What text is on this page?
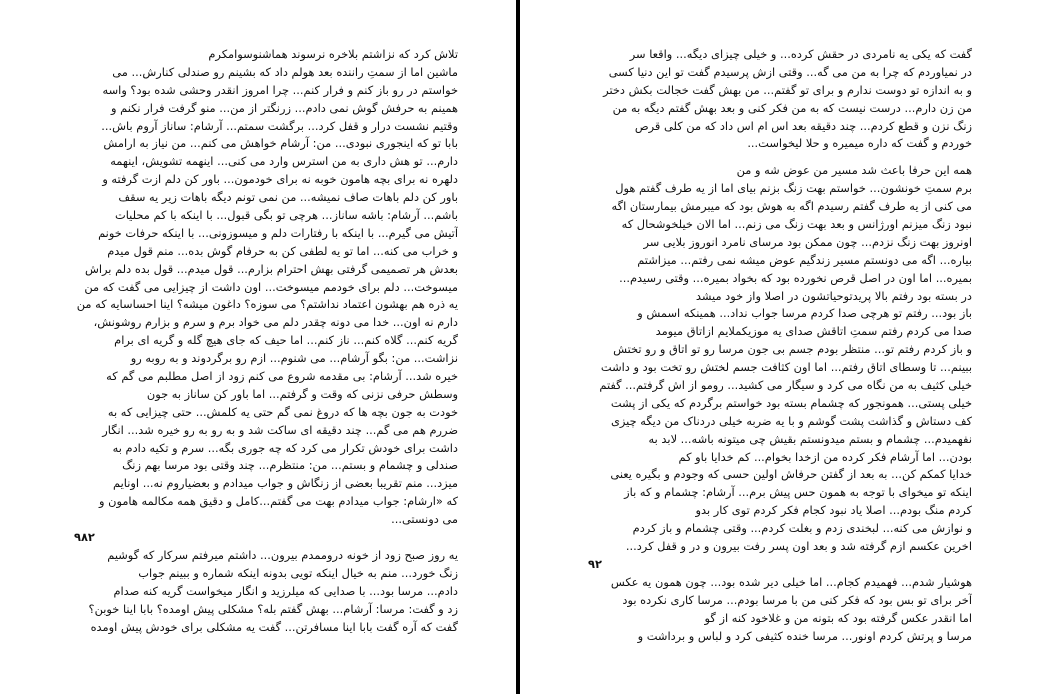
تلاش کرد که نزاشتم بلاخره نرسوند هماشنوسوامکرم
ماشین اما از سمتِ راننده بعد هولم داد که بشینم رو صندلی کنارش... می
خواستم در رو باز کنم و فرار کنم... چرا امروز انقدر وحشی شده بود؟ واسه
همینم به حرفش گوش نمی دادم... زرنگتر از من... منو گرفت فرار نکنم و
وقتیم نشست درار و قفل کرد... برگشت سمتم... آرشام: ساناز آروم باش...
بابا تو که اینجوری نبودی... من: آرشام خواهش می کنم... من نیاز به ارامش
دارم... تو هش داری به من استرس وارد می کنی... اینهمه تشویش، اینهمه
دلهره نه برای بچه هامون خوبه نه برای خودمون... باور کن دلم ازت گرفته و
باور کن دلم باهات صاف نمیشه... من نمی تونم دیگه باهات زیر یه سقف
باشم... آرشام: باشه ساناز... هرچی تو بگی قبول... با اینکه با کم محلیات
آتیش می گیرم... با اینکه با رفتارات دلم و میسوزونی... با اینکه حرفات خونم
و خراب می کنه... اما تو یه لطفی کن به حرفام گوش بده... منم قول میدم
بعدش هر تصمیمی گرفتی بهش احترام بزارم... قول میدم... قول بده دلم براش
میسوخت... دلم برای خودمم میسوخت... اون داشت از چیزایی می گفت که من
یه ذره هم بهشون اعتماد نداشتم؟ می سوزه؟ داغون میشه؟ اینا احساسایه که من
دارم نه اون... خدا می دونه چقدر دلم می خواد برم و سرم و بزارم روشونش،
گریه کنم... گلاه کنم... ناز کنم... اما حیف که جای هیچ گله و گریه ای برام
نزاشت... من: بگو آرشام... می شنوم... ازم رو برگردوند و به روبه رو
خیره شد... آرشام: بی مقدمه شروع می کنم زود از اصل مطلبم می گم که
وسطش حرفی نزنی که وقت و گرفتم... اما باور کن ساناز به جون
خودت به جون بچه ها که دروغ نمی گم حتی یه کلمش... حتی چیزایی که به
ضررم هم می گم... چند دقیقه ای ساکت شد و به رو به رو خیره شد... انگار
داشت برای خودش تکرار می کرد که چه جوری بگه... سرم و تکیه دادم به
صندلی و چشمام و بستم... من: منتظرم... چند وقتی بود مرسا بهم زنگ
میزد... منم تقریبا بعضی از زنگاش و جواب میدادم و بعضیاروم نه... اونایم
که «ارشام: جواب میدادم بهت می گفتم...کامل و دقیق همه مکالمه هامون و
می دونستی...
۹۸۲
یه روز صبح زود از خونه دروممدم بیرون... داشتم میرفتم سرکار که گوشیم
زنگ خورد... منم به خیال اینکه تویی بدونه اینکه شماره و ببینم جواب
دادم... مرسا بود... با صدایی که میلرزید و انگار میخواست گریه کنه صدام
زد و گفت: مرسا: آرشام... بهش گفتم بله؟ مشکلی پیش اومده؟ بابا اینا خوبن؟
گفت که آره گفت بابا اینا مسافرتن... گفت یه مشکلی برای خودش پیش اومده
گفت که یکی یه نامردی در حقش کرده... و خیلی چیزای دیگه... واقعا سر
در نمیاوردم که چرا به من می گه... وقتی ازش پرسیدم گفت تو این دنیا کسی
و به اندازه تو دوست ندارم و برای تو گفتم... من بهش گفت خجالت بکش دختر
من زن دارم... درست نیست که به من فکر کنی و بعد بهش گفتم دیگه به من
زنگ نزن و قطع کردم... چند دقیقه بعد اس ام اس داد که من کلی قرص
خوردم و گفت که داره میمیره و حلا لیخواست...
همه این حرفا باعث شد مسیر من عوض شه و من
برم سمتِ خونشون... خواستم بهت زنگ بزنم بیای اما از یه طرف گفتم هول
می کنی از یه طرف گفتم رسیدم اگه به هوش بود که میبرمش بیمارستان اگه
نبود زنگ میزنم اورژانس و بعد بهت زنگ می زنم... اما الان خیلخوشحال که
اونروز بهت زنگ نزدم... چون ممکن بود مرسای نامرد انوروز بلایی سر
بیاره... اگه می دونستم مسیر زندگیم عوض میشه نمی رفتم... میزاشتم
بمیره... اما اون در اصل قرص نخورده بود که بخواد بمیره... وقتی رسیدم...
در بسته بود رفتم بالا پریدتوحیاتشون در اصلا واز خود میشد
باز بود... رفتم تو هرچی صدا کردم مرسا جواب نداد... همینکه اسمش و
صدا می کردم رفتم سمتِ اتاقش صدای یه موزیکملایم ازاتاق میومد
و باز کردم رفتم تو... منتظر بودم جسم بی جون مرسا رو تو اتاق و رو تختش
ببینم... تا وسطای اتاق رفتم... اما اون کثافت جسم لختش رو تخت بود و داشت
خیلی کثیف به من نگاه می کرد و سیگار می کشید... رومو از اش گرفتم... گفتم
خیلی پستی... همونجور که چشمام بسته بود خواستم برگردم که یکی از پشت
کف دستاش و گذاشت پشت گوشم و با یه ضربه خیلی دردناک من دیگه چیزی
نفهمیدم... چشمام و بستم میدونستم بقیش چی میتونه باشه... لابد به
بودن... اما آرشام فکر کرده من ازخدا بخوام... کم خدایا باو کم
خدایا کمکم کن... به بعد از گفتن حرفاش اولین حسی که وجودم و بگیره یعنی
اینکه تو میخوای با توجه به همون حس پیش برم... آرشام: چشمام و که باز
کردم منگ بودم... اصلا یاد نبود کجام فکر کردم توی کار بدو
و نوازش می کنه... لبخندی زدم و بغلت کردم... وقتی چشمام و باز کردم
اخرین عکسم ازم گرفته شد و بعد اون پسر رفت بیرون و در و قفل کرد...
۹۲
هوشیار شدم... فهمیدم کجام... اما خیلی دیر شده بود... چون همون یه عکس
آخر برای تو بس بود که فکر کنی من با مرسا بودم... مرسا کاری نکرده بود
اما انقدر عکس گرفته بود که بتونه من و غلاخود کنه از گو
مرسا و پرتش کردم اونور... مرسا خنده کثیفی کرد و لباس و برداشت و
